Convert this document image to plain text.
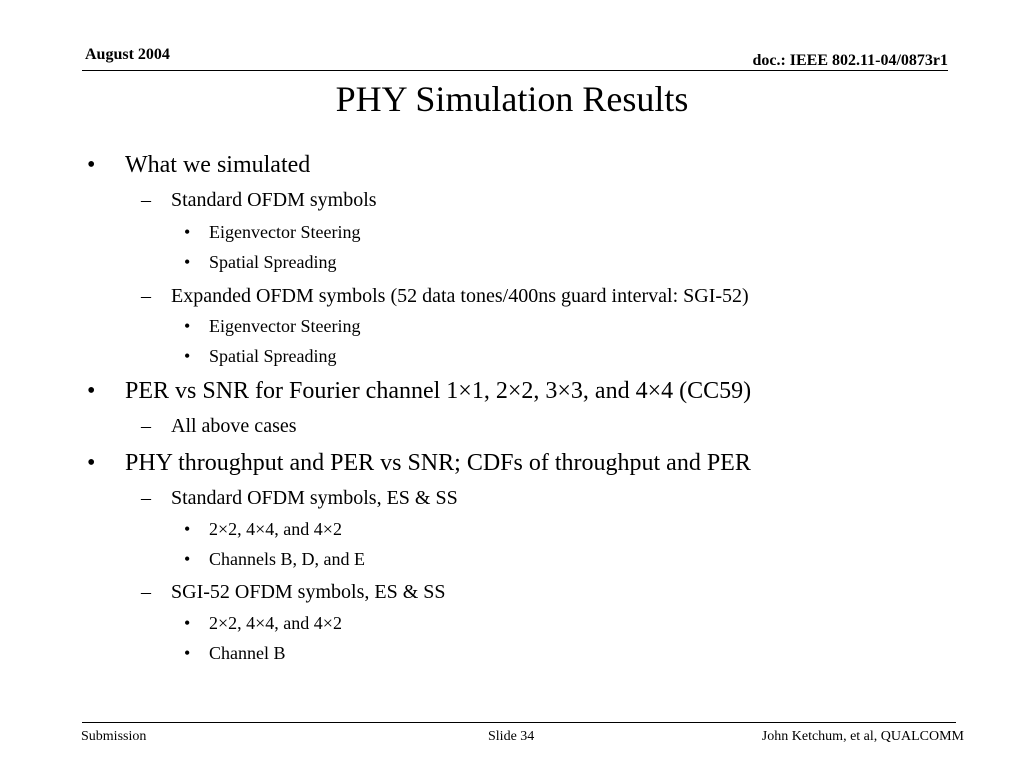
August 2004	doc.: IEEE 802.11-04/0873r1
PHY Simulation Results
• What we simulated
– Standard OFDM symbols
• Eigenvector Steering
• Spatial Spreading
– Expanded OFDM symbols (52 data tones/400ns guard interval: SGI-52)
• Eigenvector Steering
• Spatial Spreading
• PER vs SNR for Fourier channel 1×1, 2×2, 3×3, and 4×4 (CC59)
– All above cases
• PHY throughput and PER vs SNR; CDFs of throughput and PER
– Standard OFDM symbols, ES & SS
• 2×2, 4×4, and 4×2
• Channels B, D, and E
– SGI-52 OFDM symbols, ES & SS
• 2×2, 4×4, and 4×2
• Channel B
Submission	Slide 34	John Ketchum, et al, QUALCOMM
